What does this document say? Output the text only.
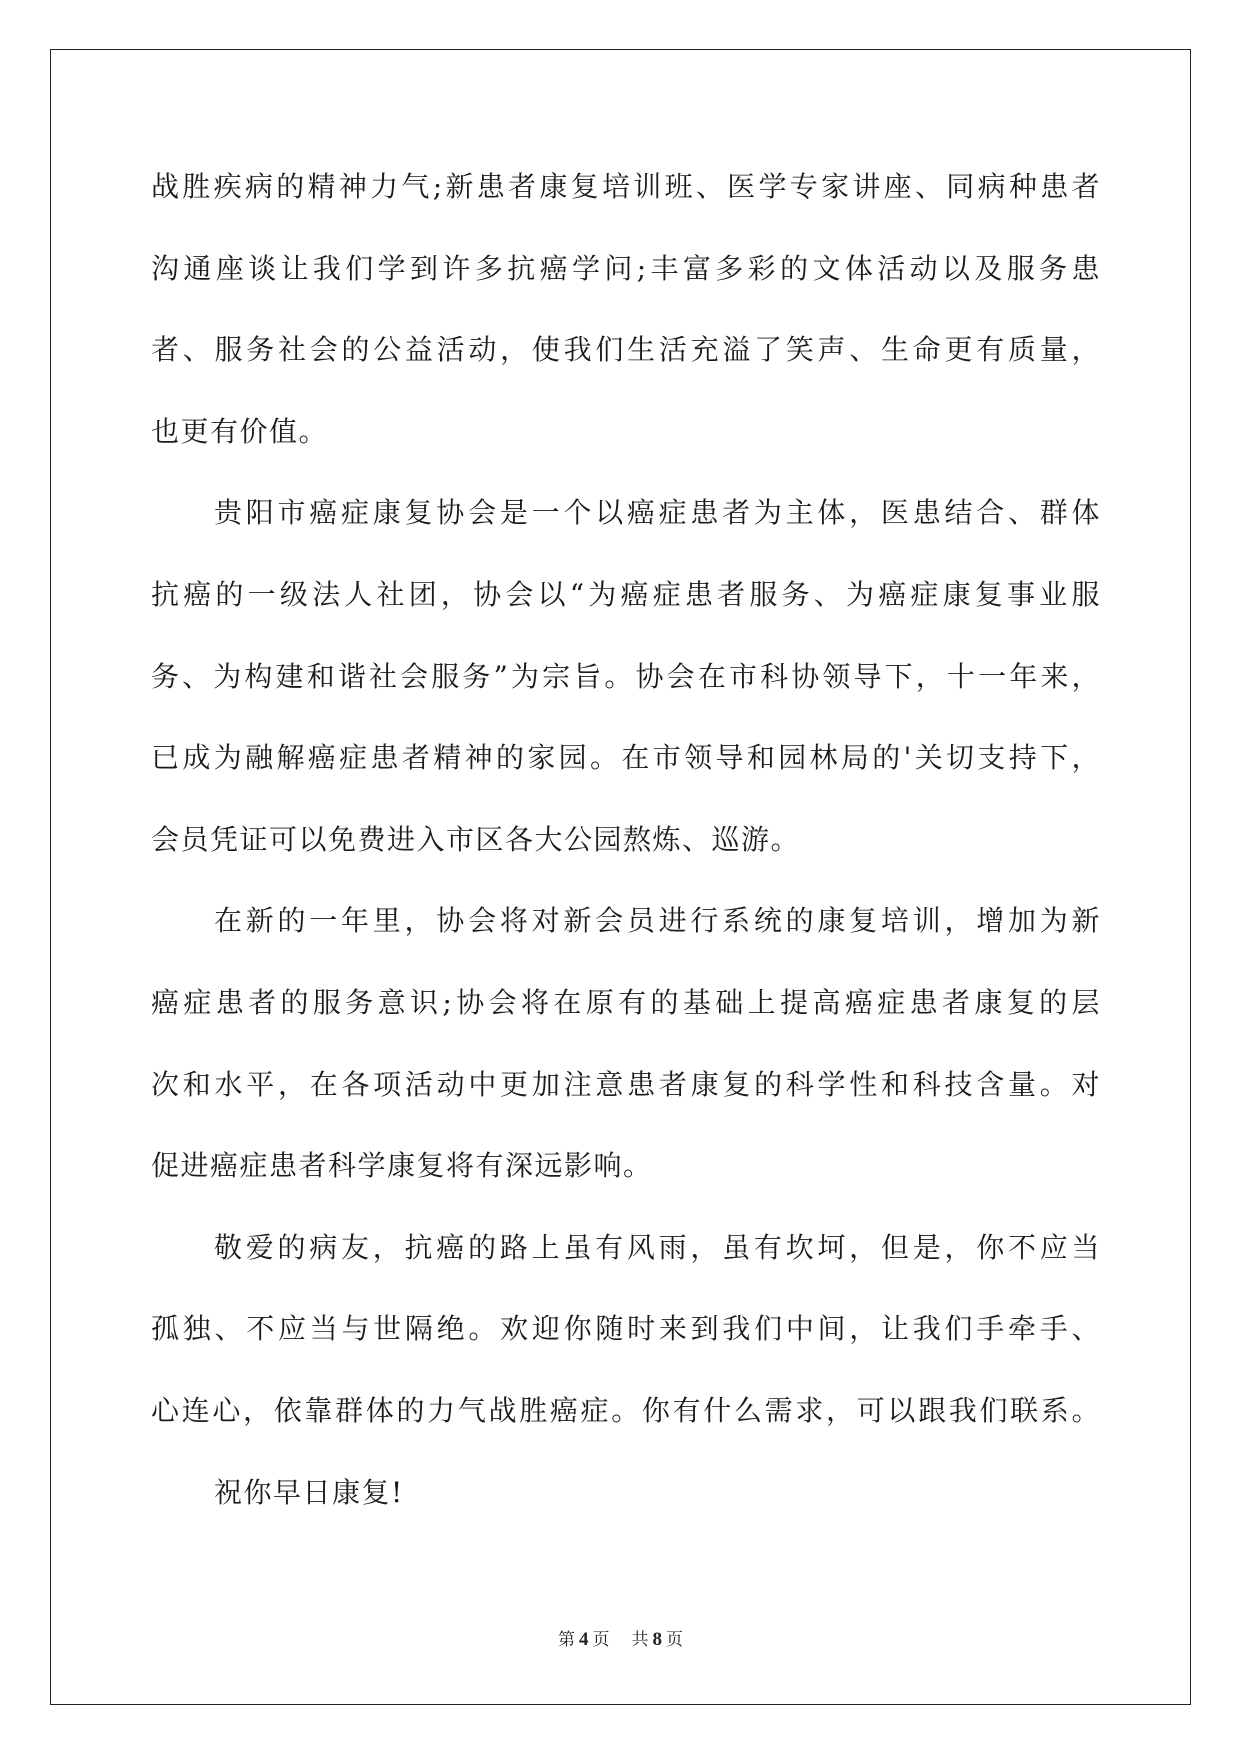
战胜疾病的精神力气;新患者康复培训班、医学专家讲座、同病种患者
沟通座谈让我们学到许多抗癌学问;丰富多彩的文体活动以及服务患
者、服务社会的公益活动，使我们生活充溢了笑声、生命更有质量，
也更有价值。
贵阳市癌症康复协会是一个以癌症患者为主体，医患结合、群体
抗癌的一级法人社团，协会以“为癌症患者服务、为癌症康复事业服
务、为构建和谐社会服务”为宗旨。协会在市科协领导下，十一年来，
已成为融解癌症患者精神的家园。在市领导和园林局的'关切支持下，
会员凭证可以免费进入市区各大公园熬炼、巡游。
在新的一年里，协会将对新会员进行系统的康复培训，增加为新
癌症患者的服务意识;协会将在原有的基础上提高癌症患者康复的层
次和水平，在各项活动中更加注意患者康复的科学性和科技含量。对
促进癌症患者科学康复将有深远影响。
敬爱的病友，抗癌的路上虽有风雨，虽有坎坷，但是，你不应当
孤独、不应当与世隔绝。欢迎你随时来到我们中间，让我们手牵手、
心连心，依靠群体的力气战胜癌症。你有什么需求，可以跟我们联系。
祝你早日康复!
第 4 页 共 8 页
